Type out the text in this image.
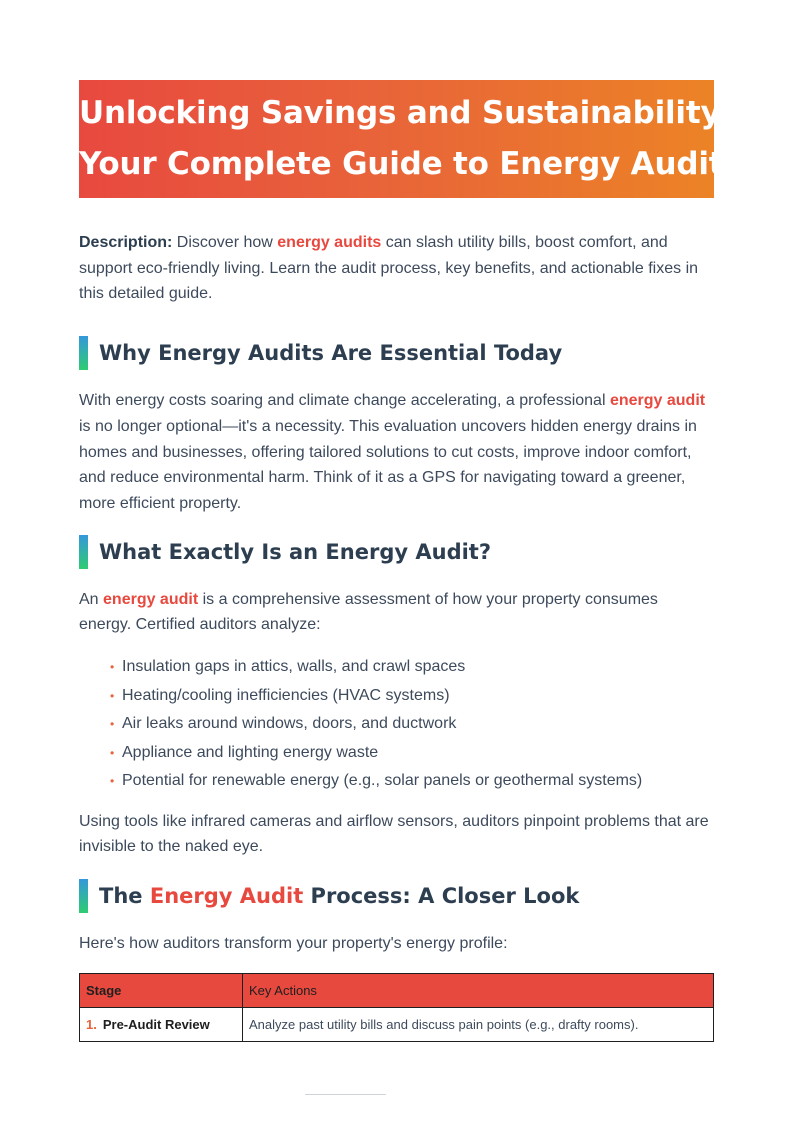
Unlocking Savings and Sustainability:
Your Complete Guide to Energy Audits

Description: Discover how energy audits can slash utility bills, boost comfort, and support eco-friendly living. Learn the audit process, key benefits, and actionable fixes in this detailed guide.

Why Energy Audits Are Essential Today

With energy costs soaring and climate change accelerating, a professional energy audit is no longer optional—it's a necessity. This evaluation uncovers hidden energy drains in homes and businesses, offering tailored solutions to cut costs, improve indoor comfort, and reduce environmental harm. Think of it as a GPS for navigating toward a greener, more efficient property.

What Exactly Is an Energy Audit?

An energy audit is a comprehensive assessment of how your property consumes energy. Certified auditors analyze:

• Insulation gaps in attics, walls, and crawl spaces
• Heating/cooling inefficiencies (HVAC systems)
• Air leaks around windows, doors, and ductwork
• Appliance and lighting energy waste
• Potential for renewable energy (e.g., solar panels or geothermal systems)

Using tools like infrared cameras and airflow sensors, auditors pinpoint problems that are invisible to the naked eye.

The Energy Audit Process: A Closer Look

Here's how auditors transform your property's energy profile:

Stage	Key Actions
1. Pre-Audit Review	Analyze past utility bills and discuss pain points (e.g., drafty rooms).
